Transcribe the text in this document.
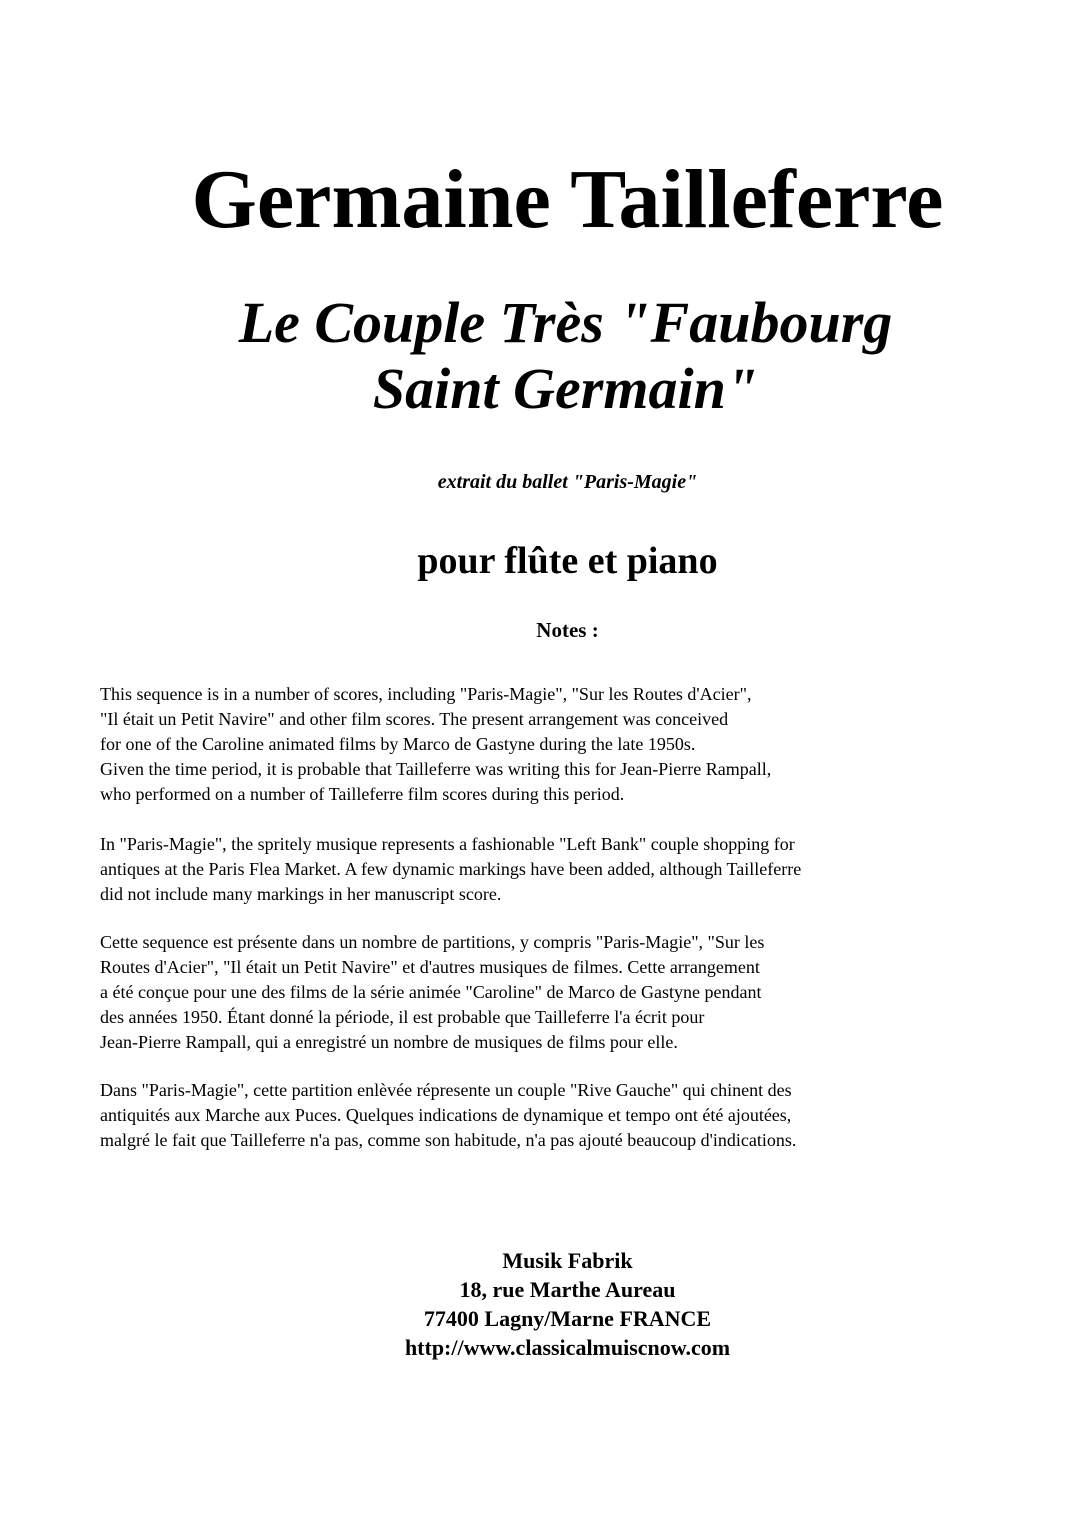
Germaine Tailleferre
Le Couple Très "Faubourg
Saint Germain"
extrait du ballet "Paris-Magie"
pour flûte et piano
Notes :
This sequence is in a number of scores, including "Paris-Magie", "Sur les Routes d'Acier",
"Il était un Petit Navire" and other film scores. The present arrangement was conceived
for one of the Caroline animated films by Marco de Gastyne during the late 1950s.
Given the time period, it is probable that Tailleferre was writing this for Jean-Pierre Rampall,
who performed on a number of Tailleferre film scores during this period.
In "Paris-Magie", the spritely musique represents a fashionable "Left Bank" couple shopping for
antiques at the Paris Flea Market. A few dynamic markings have been added, although Tailleferre
did not include many markings in her manuscript score.
Cette sequence est présente dans un nombre de partitions, y compris "Paris-Magie", "Sur les
Routes d'Acier", "Il était un Petit Navire" et d'autres musiques de filmes. Cette arrangement
a été conçue pour une des films de la série animée "Caroline" de Marco de Gastyne pendant
des années 1950. Étant donné la période, il est probable que Tailleferre l'a écrit pour
Jean-Pierre Rampall, qui a enregistré un nombre de musiques de films pour elle.
Dans "Paris-Magie", cette partition enlèvée répresente un couple "Rive Gauche" qui chinent des
antiquités aux Marche aux Puces. Quelques indications de dynamique et tempo ont été ajoutées,
malgré le fait que Tailleferre n'a pas, comme son habitude, n'a pas ajouté beaucoup d'indications.
Musik Fabrik
18, rue Marthe Aureau
77400 Lagny/Marne FRANCE
http://www.classicalmuiscnow.com
